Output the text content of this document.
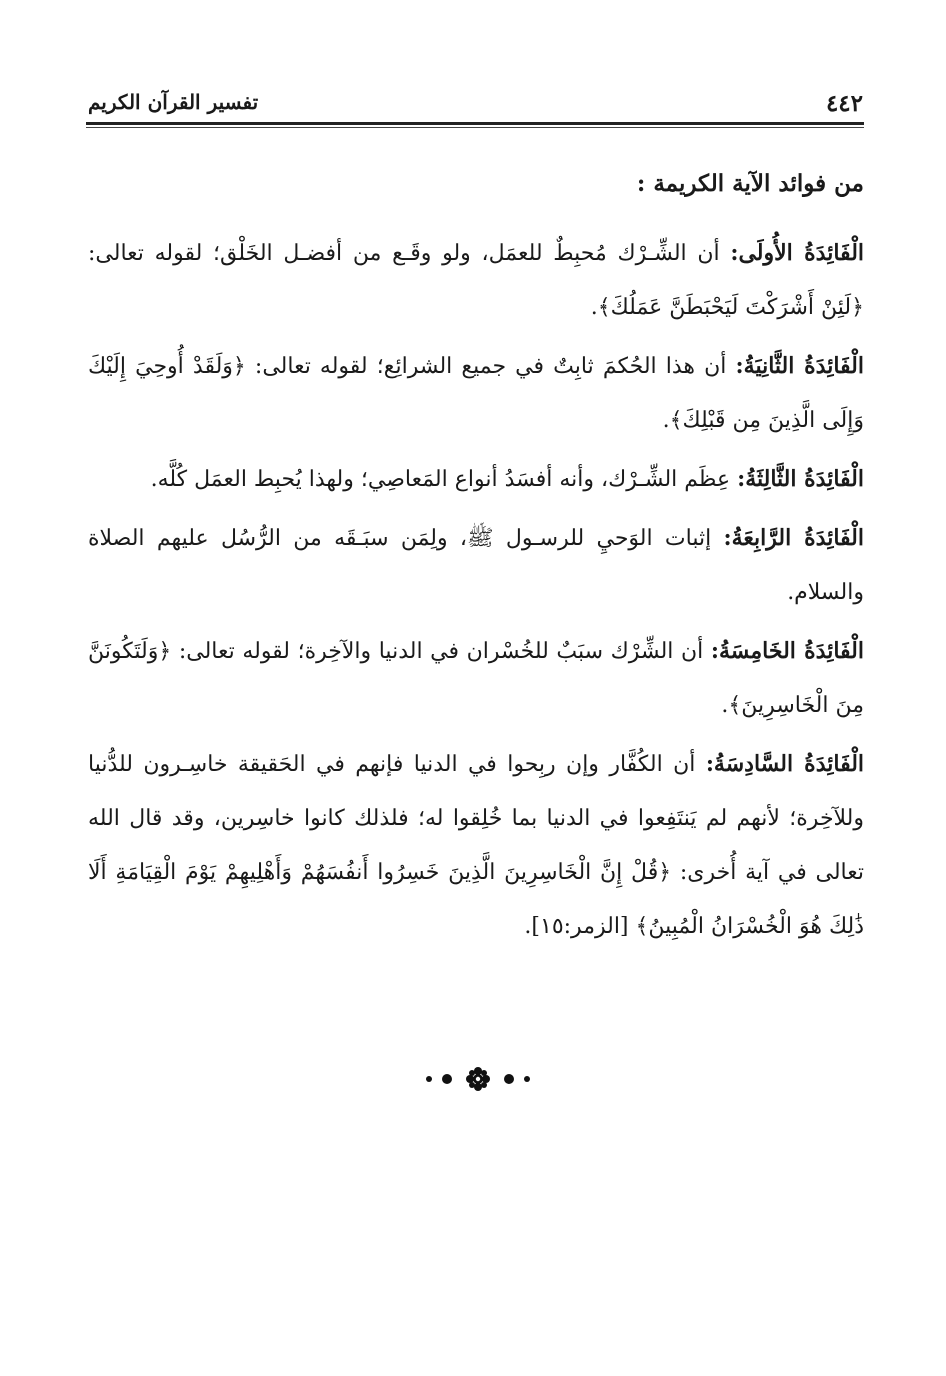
٤٤٢
تفسير القرآن الكريم
من فوائد الآية الكريمة :

الْفَائِدَةُ الأُولَى: أن الشِّـرْك مُحبِطٌ للعمَل، ولو وقَـع من أفضـل الخَلْق؛ لقوله تعالى: ﴿لَئِنْ أَشْرَكْتَ لَيَحْبَطَنَّ عَمَلُكَ﴾.

الْفَائِدَةُ الثَّانِيَةُ: أن هذا الحُكمَ ثابِتٌ في جميع الشرائِع؛ لقوله تعالى: ﴿وَلَقَدْ أُوحِيَ إِلَيْكَ وَإِلَى الَّذِينَ مِن قَبْلِكَ﴾.

الْفَائِدَةُ الثَّالِثَةُ: عِظَم الشِّـرْك، وأنه أفسَدُ أنواع المَعاصِي؛ ولهذا يُحبِط العمَل كُلَّه.

الْفَائِدَةُ الرَّابِعَةُ: إثبات الوَحيِ للرسـول ﷺ، ولِمَن سبَـقَه من الرُّسُل عليهم الصلاة والسلام.

الْفَائِدَةُ الخَامِسَةُ: أن الشِّرْك سبَبٌ للخُسْران في الدنيا والآخِرة؛ لقوله تعالى: ﴿وَلَتَكُونَنَّ مِنَ الْخَاسِرِينَ﴾.

الْفَائِدَةُ السَّادِسَةُ: أن الكُفَّار وإن ربِحوا في الدنيا فإنهم في الحَقيقة خاسِـرون للدُّنيا وللآخِرة؛ لأنهم لم يَنتَفِعوا في الدنيا بما خُلِقوا له؛ فلذلك كانوا خاسِرين، وقد قال الله تعالى في آية أُخرى: ﴿قُلْ إِنَّ الْخَاسِرِينَ الَّذِينَ خَسِرُوا أَنفُسَهُمْ وَأَهْلِيهِمْ يَوْمَ الْقِيَامَةِ أَلَا ذَٰلِكَ هُوَ الْخُسْرَانُ الْمُبِينُ﴾ [الزمر:١٥].
